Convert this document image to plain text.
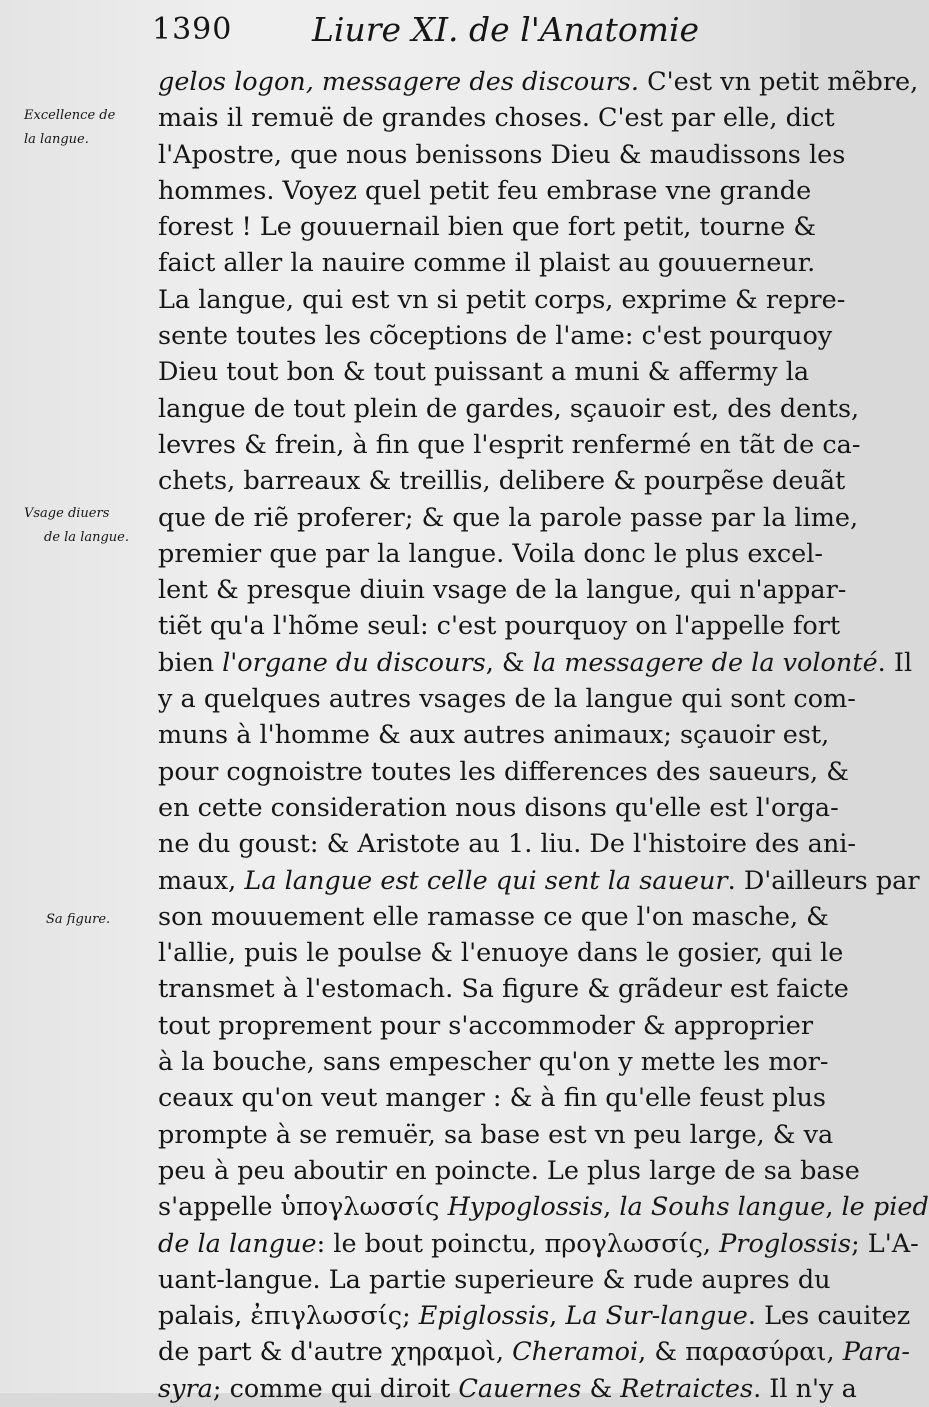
1390 Liure XI. de l'Anatomie
Excellence de
la langue.
Vsage diuers
de la langue.
Sa figure.
gelos logon, messagere des discours. C'est vn petit mẽbre,
mais il remuë de grandes choses. C'est par elle, dict
l'Apostre, que nous benissons Dieu & maudissons les
hommes. Voyez quel petit feu embrase vne grande
forest ! Le gouuernail bien que fort petit, tourne &
faict aller la nauire comme il plaist au gouuerneur.
La langue, qui est vn si petit corps, exprime & repre-
sente toutes les cõceptions de l'ame: c'est pourquoy
Dieu tout bon & tout puissant a muni & affermy la
langue de tout plein de gardes, sçauoir est, des dents,
levres & frein, à fin que l'esprit renfermé en tãt de ca-
chets, barreaux & treillis, delibere & pourpẽse deuãt
que de riẽ proferer; & que la parole passe par la lime,
premier que par la langue. Voila donc le plus excel-
lent & presque diuin vsage de la langue, qui n'appar-
tiẽt qu'a l'hõme seul: c'est pourquoy on l'appelle fort
bien l'organe du discours, & la messagere de la volonté. Il
y a quelques autres vsages de la langue qui sont com-
muns à l'homme & aux autres animaux; sçauoir est,
pour cognoistre toutes les differences des saueurs, &
en cette consideration nous disons qu'elle est l'orga-
ne du goust: & Aristote au 1. liu. De l'histoire des ani-
maux, La langue est celle qui sent la saueur. D'ailleurs par
son mouuement elle ramasse ce que l'on masche, &
l'allie, puis le poulse & l'enuoye dans le gosier, qui le
transmet à l'estomach. Sa figure & grãdeur est faicte
tout proprement pour s'accommoder & approprier
à la bouche, sans empescher qu'on y mette les mor-
ceaux qu'on veut manger : & à fin qu'elle feust plus
prompte à se remuër, sa base est vn peu large, & va
peu à peu aboutir en poincte. Le plus large de sa base
s'appelle ὑπογλωσσίς Hypoglossis, la Souhs langue, le pied
de la langue: le bout poinctu, προγλωσσίς, Proglossis; L'A-
uant-langue. La partie superieure & rude aupres du
palais, ἐπιγλωσσίς; Epiglossis, La Sur-langue. Les cauitez
de part & d'autre χηραμοὶ, Cheramoi, & παρασύραι, Para-
syra; comme qui diroit Cauernes & Retraictes. Il n'y a
